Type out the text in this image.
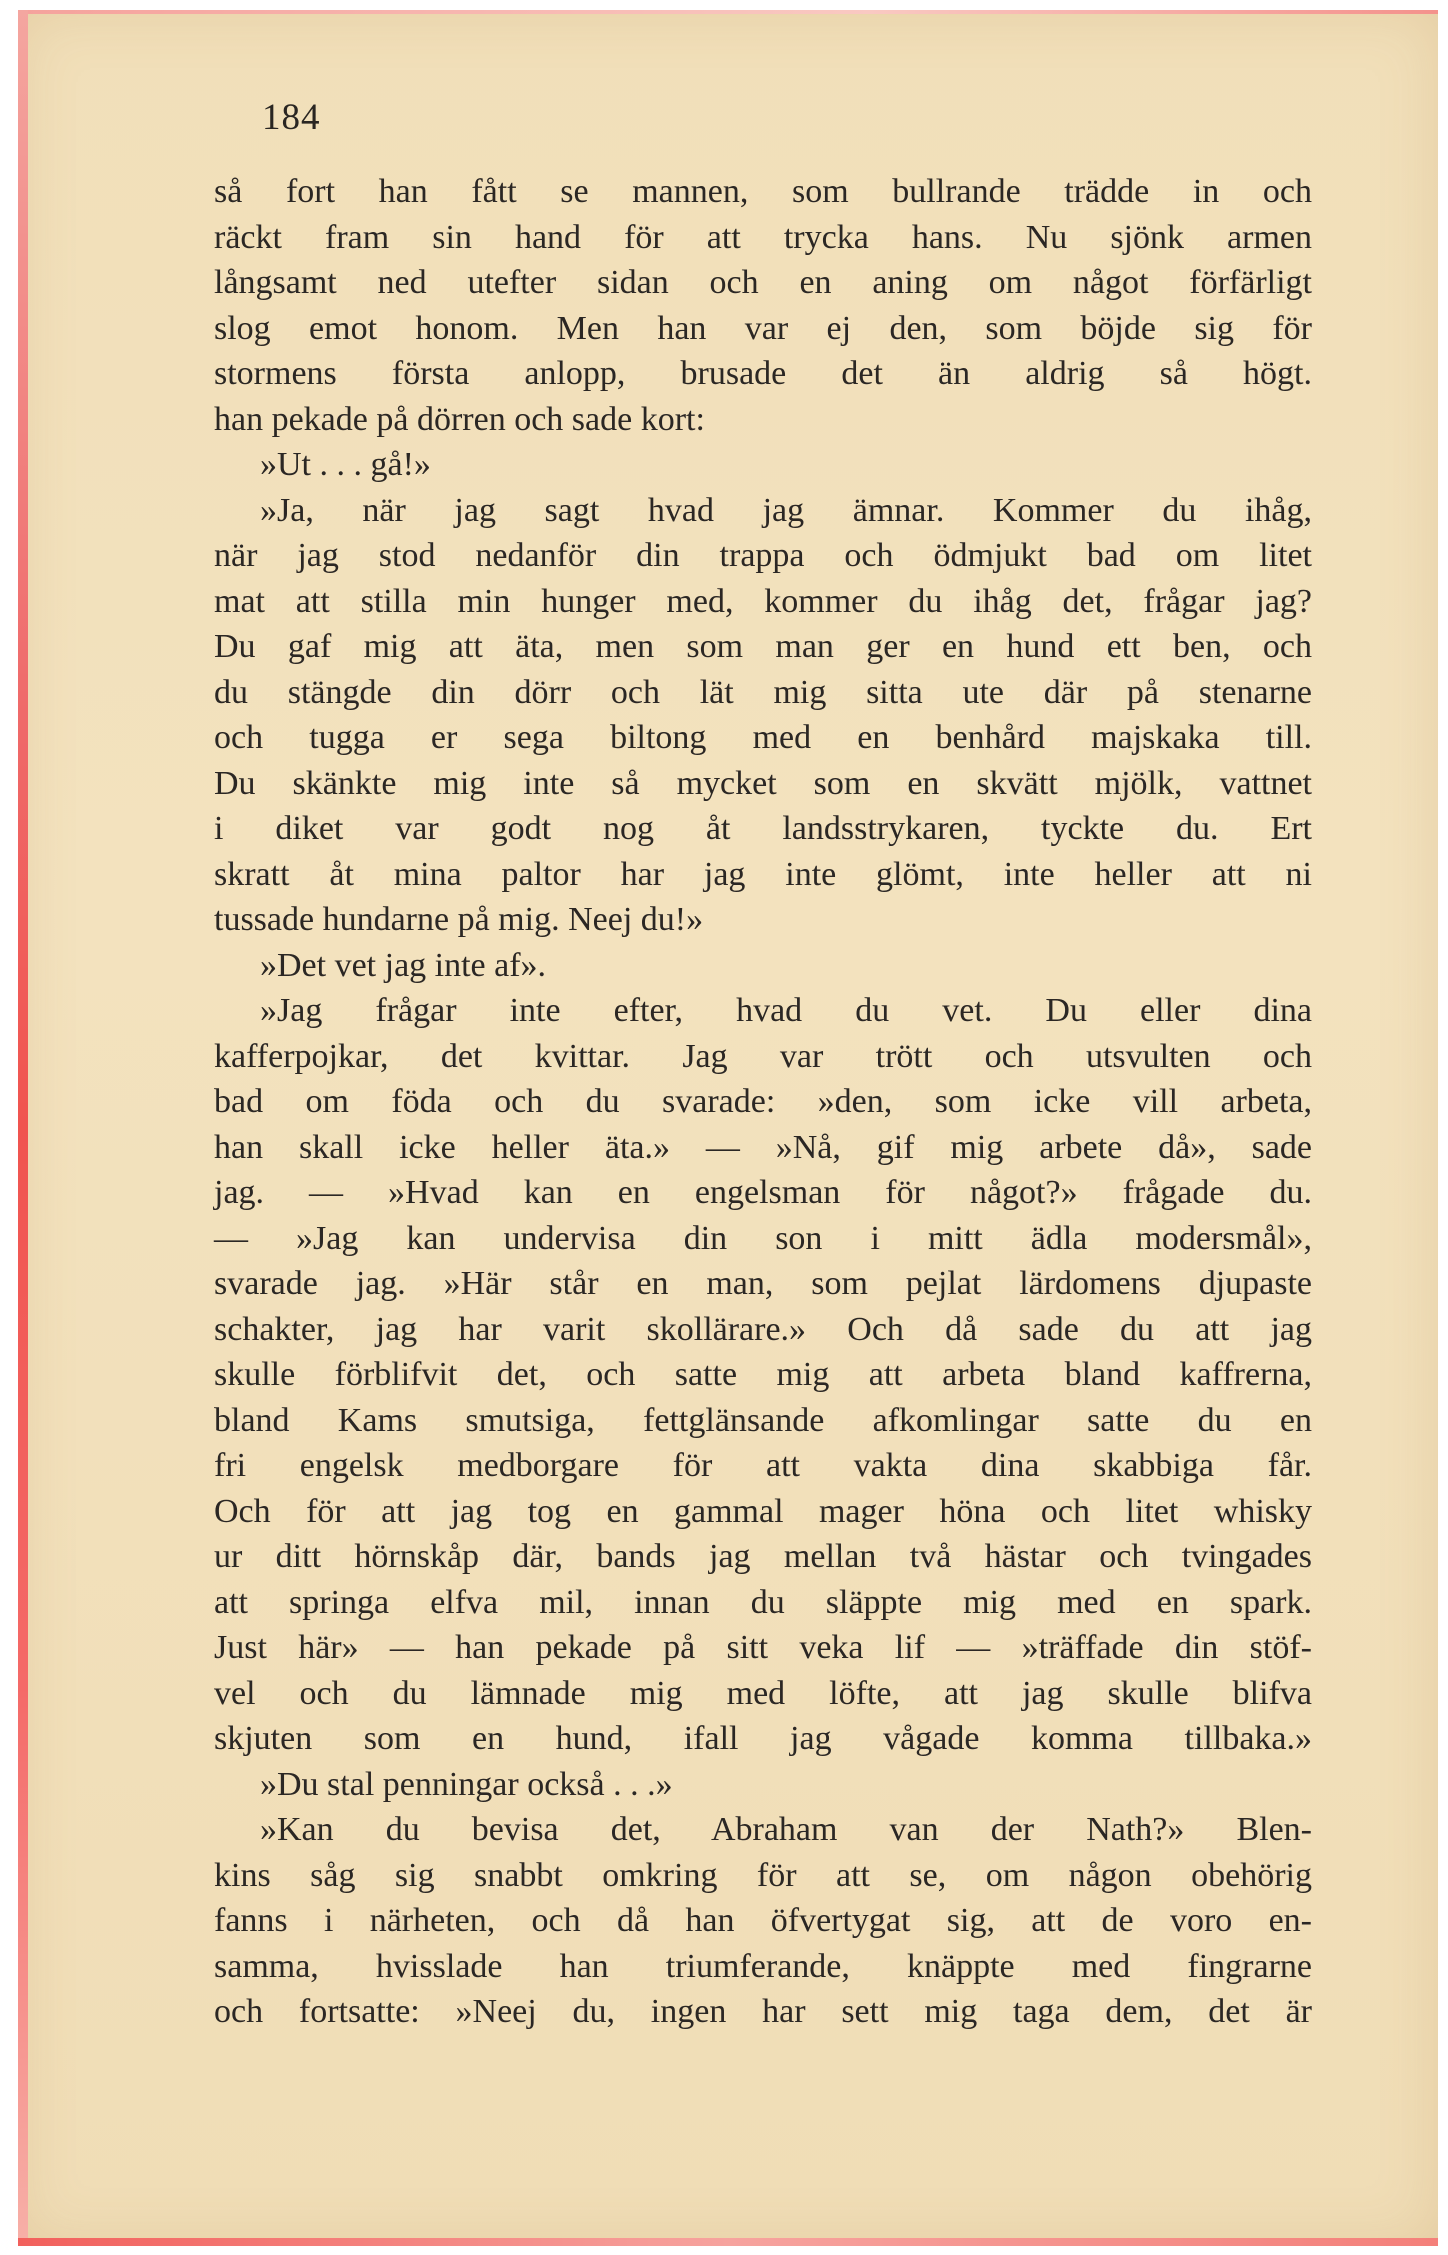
184
så fort han fått se mannen, som bullrande trädde in och
räckt fram sin hand för att trycka hans. Nu sjönk armen
långsamt ned utefter sidan och en aning om något förfärligt
slog emot honom. Men han var ej den, som böjde sig för
stormens första anlopp, brusade det än aldrig så högt.
han pekade på dörren och sade kort:
»Ut . . . gå!»
»Ja, när jag sagt hvad jag ämnar. Kommer du ihåg,
när jag stod nedanför din trappa och ödmjukt bad om litet
mat att stilla min hunger med, kommer du ihåg det, frågar jag?
Du gaf mig att äta, men som man ger en hund ett ben, och
du stängde din dörr och lät mig sitta ute där på stenarne
och tugga er sega biltong med en benhård majskaka till.
Du skänkte mig inte så mycket som en skvätt mjölk, vattnet
i diket var godt nog åt landsstrykaren, tyckte du. Ert
skratt åt mina paltor har jag inte glömt, inte heller att ni
tussade hundarne på mig. Neej du!»
»Det vet jag inte af».
»Jag frågar inte efter, hvad du vet. Du eller dina
kafferpojkar, det kvittar. Jag var trött och utsvulten och
bad om föda och du svarade: »den, som icke vill arbeta,
han skall icke heller äta.» — »Nå, gif mig arbete då», sade
jag. — »Hvad kan en engelsman för något?» frågade du.
— »Jag kan undervisa din son i mitt ädla modersmål»,
svarade jag. »Här står en man, som pejlat lärdomens djupaste
schakter, jag har varit skollärare.» Och då sade du att jag
skulle förblifvit det, och satte mig att arbeta bland kaffrerna,
bland Kams smutsiga, fettglänsande afkomlingar satte du en
fri engelsk medborgare för att vakta dina skabbiga får.
Och för att jag tog en gammal mager höna och litet whisky
ur ditt hörnskåp där, bands jag mellan två hästar och tvingades
att springa elfva mil, innan du släppte mig med en spark.
Just här» — han pekade på sitt veka lif — »träffade din stöf-
vel och du lämnade mig med löfte, att jag skulle blifva
skjuten som en hund, ifall jag vågade komma tillbaka.»
»Du stal penningar också . . .»
»Kan du bevisa det, Abraham van der Nath?» Blen-
kins såg sig snabbt omkring för att se, om någon obehörig
fanns i närheten, och då han öfvertygat sig, att de voro en-
samma, hvisslade han triumferande, knäppte med fingrarne
och fortsatte: »Neej du, ingen har sett mig taga dem, det är
